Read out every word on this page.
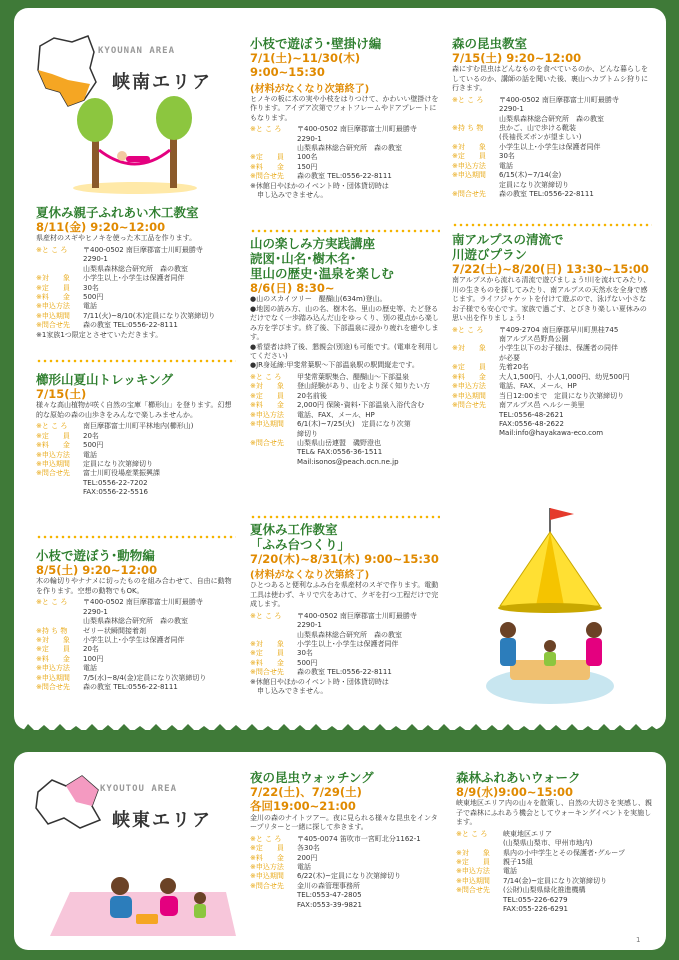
KYOUNAN AREA
峡南エリア
夏休み親子ふれあい木工教室
8/11(金) 9:20~12:00
県産材のスギやヒノキを使った木工品を作ります。
※と こ ろ	〒400-0502 南巨摩郡富士川町最勝寺
2290-1
山梨県森林総合研究所　森の教室
※対　　象	小学生以上･小学生は保護者同伴
※定　　員	30名
※料　　金	500円
※申込方法	電話
※申込期間	7/11(火)~8/10(木)定員になり次第締切り
※問合せ先	森の教室 TEL:0556-22-8111
※1家族1つ限定とさせていただきます。
櫛形山夏山トレッキング
7/15(土)
様々な高山植物が咲く自然の宝庫「櫛形山」を登ります。幻想的な原始の森の山歩きをみんなで楽しみませんか。
※と こ ろ	南巨摩郡富士川町平林地内(櫛形山)
※定　　員	20名
※料　　金	500円
※申込方法	電話
※申込期間	定員になり次第締切り
※問合せ先	富士川町役場産業振興課
TEL:0556-22-7202
FAX:0556-22-5516
小枝で遊ぼう･動物編
8/5(土) 9:20~12:00
木の輪切りやナナメに切ったものを組み合わせて、自由に動物を作ります。空想の動物でもOK。
※と こ ろ	〒400-0502 南巨摩郡富士川町最勝寺
2290-1
山梨県森林総合研究所　森の教室
※持 ち 物	ゼリー状瞬間接着剤
※対　　象	小学生以上･小学生は保護者同伴
※定　　員	20名
※料　　金	100円
※申込方法	電話
※申込期間	7/5(水)~8/4(金)定員になり次第締切り
※問合せ先	森の教室 TEL:0556-22-8111
小枝で遊ぼう･壁掛け編
7/1(土)~11/30(木)
9:00~15:30
(材料がなくなり次第終了)
ヒノキの板に木の実や小枝をはりつけて、かわいい壁掛けを作ります。アイデア次第でフォトフレームやドアプレートにもなります。
※と こ ろ	〒400-0502 南巨摩郡富士川町最勝寺
2290-1
山梨県森林総合研究所　森の教室
※定　　員	100名
※料　　金	150円
※問合せ先	森の教室 TEL:0556-22-8111
※休館日やほかのイベント時・団体貸切時は
　申し込みできません。
山の楽しみ方実践講座
読図･山名･樹木名･
里山の歴史･温泉を楽しむ
8/6(日) 8:30~
●山のスカイツリー　醍醐山(634m)登山。
●地図の読み方、山の名、樹木名、里山の歴史等、たど登るだけでなく一歩踏み込んだ山をゆっくり、別の視点から楽しみ方を学びます。終了後、下部温泉に浸かり疲れを癒やします。
●希望者は終了後、懇親会(別途)も可能です。(電車を利用してください)
●JR身延線:甲斐常葉駅～下部温泉駅の駅間縦走です。
※と こ ろ	甲斐常葉駅集合、醍醐山～下部温泉
※対　　象	登山経験があり、山をより深く知りたい方
※定　　員	20名前後
※料　　金	2,000円 保険･資料･下部温泉入浴代含む
※申込方法	電話、FAX、メール、HP
※申込期間	6/1(木)~7/25(火)　定員になり次第
締切り
※問合せ先	山梨県山岳連盟　磯野澄也
TEL& FAX:0556-36-1511
Mail:isonos@peach.ocn.ne.jp
夏休み工作教室
「ふみ台つくり」
7/20(木)~8/31(木) 9:00~15:30
(材料がなくなり次第終了)
ひとつあると便利なふみ台を県産材のスギで作ります。電動工具は使わず、キリで穴をあけて、クギを打つ工程だけで完成します。
※と こ ろ	〒400-0502 南巨摩郡富士川町最勝寺
2290-1
山梨県森林総合研究所　森の教室
※対　　象	小学生以上･小学生は保護者同伴
※定　　員	30名
※料　　金	500円
※問合せ先	森の教室 TEL:0556-22-8111
※休館日やほかのイベント時・団体貸切時は
　申し込みできません。
森の昆虫教室
7/15(土) 9:20~12:00
森にすむ昆虫はどんなものを食べているのか、どんな暮らしをしているのか、講師の話を聞いた後、裏山へカブトムシ狩りに行きます。
※と こ ろ	〒400-0502 南巨摩郡富士川町最勝寺
2290-1
山梨県森林総合研究所　森の教室
※持 ち 物	虫かご、山で歩ける靴装
(長袖長ズボンが望ましい)
※対　　象	小学生以上･小学生は保護者同伴
※定　　員	30名
※申込方法	電話
※申込期間	6/15(木)~7/14(金)
定員になり次第締切り
※問合せ先	森の教室 TEL:0556-22-8111
南アルプスの清流で
川遊びプラン
7/22(土)~8/20(日) 13:30~15:00
南アルプスから流れる清流で遊びましょう!川を流れてみたり、川の生きものを探してみたり、南アルプスの天然水を全身で感じます。ライフジャケットを付けて遊ぶので、泳げない小さなお子様でも安心です。家族で過ごす、とびきり楽しい夏休みの思い出を作りましょう!
※と こ ろ	〒409-2704 南巨摩郡早川町黒桂745
南アルプス邑野鳥公園
※対　　象	小学生以下のお子様は、保護者の同伴
が必要
※定　　員	先着20名
※料　　金	大人1,500円、小人1,000円、幼児500円
※申込方法	電話、FAX、メール、HP
※申込期間	当日12:00まで　定員になり次第締切り
※問合せ先	南アルプス邑 ヘルシー美里
TEL:0556-48-2621
FAX:0556-48-2622
Mail:info@hayakawa-eco.com
KYOUTOU AREA
峡東エリア
夜の昆虫ウォッチング
7/22(土)、7/29(土)
各回19:00~21:00
金川の森のナイトツアー。夜に見られる様々な昆虫をインタープリターと一緒に探して歩きます。
※と こ ろ	〒405-0074 笛吹市一宮町北分1162-1
※定　　員	各30名
※料　　金	200円
※申込方法	電話
※申込期間	6/22(木)~定員になり次第締切り
※問合せ先	金川の森管理事務所
TEL:0553-47-2805
FAX:0553-39-9821
森林ふれあいウォーク
8/9(水)9:00~15:00
峡東地区エリア内の山々を散策し、自然の大切さを実感し、親子で森林にふれあう機会としてウォーキングイベントを実施します。
※と こ ろ	峡東地区エリア
(山梨県山梨市、甲州市地内)
※対　　象	県内の小中学生とその保護者･グループ
※定　　員	親子15組
※申込方法	電話
※申込期間	7/14(金)~定員になり次第締切り
※問合せ先	(公財)山梨県緑化推進機構
TEL:055-226-6279
FAX:055-226-6291
1
